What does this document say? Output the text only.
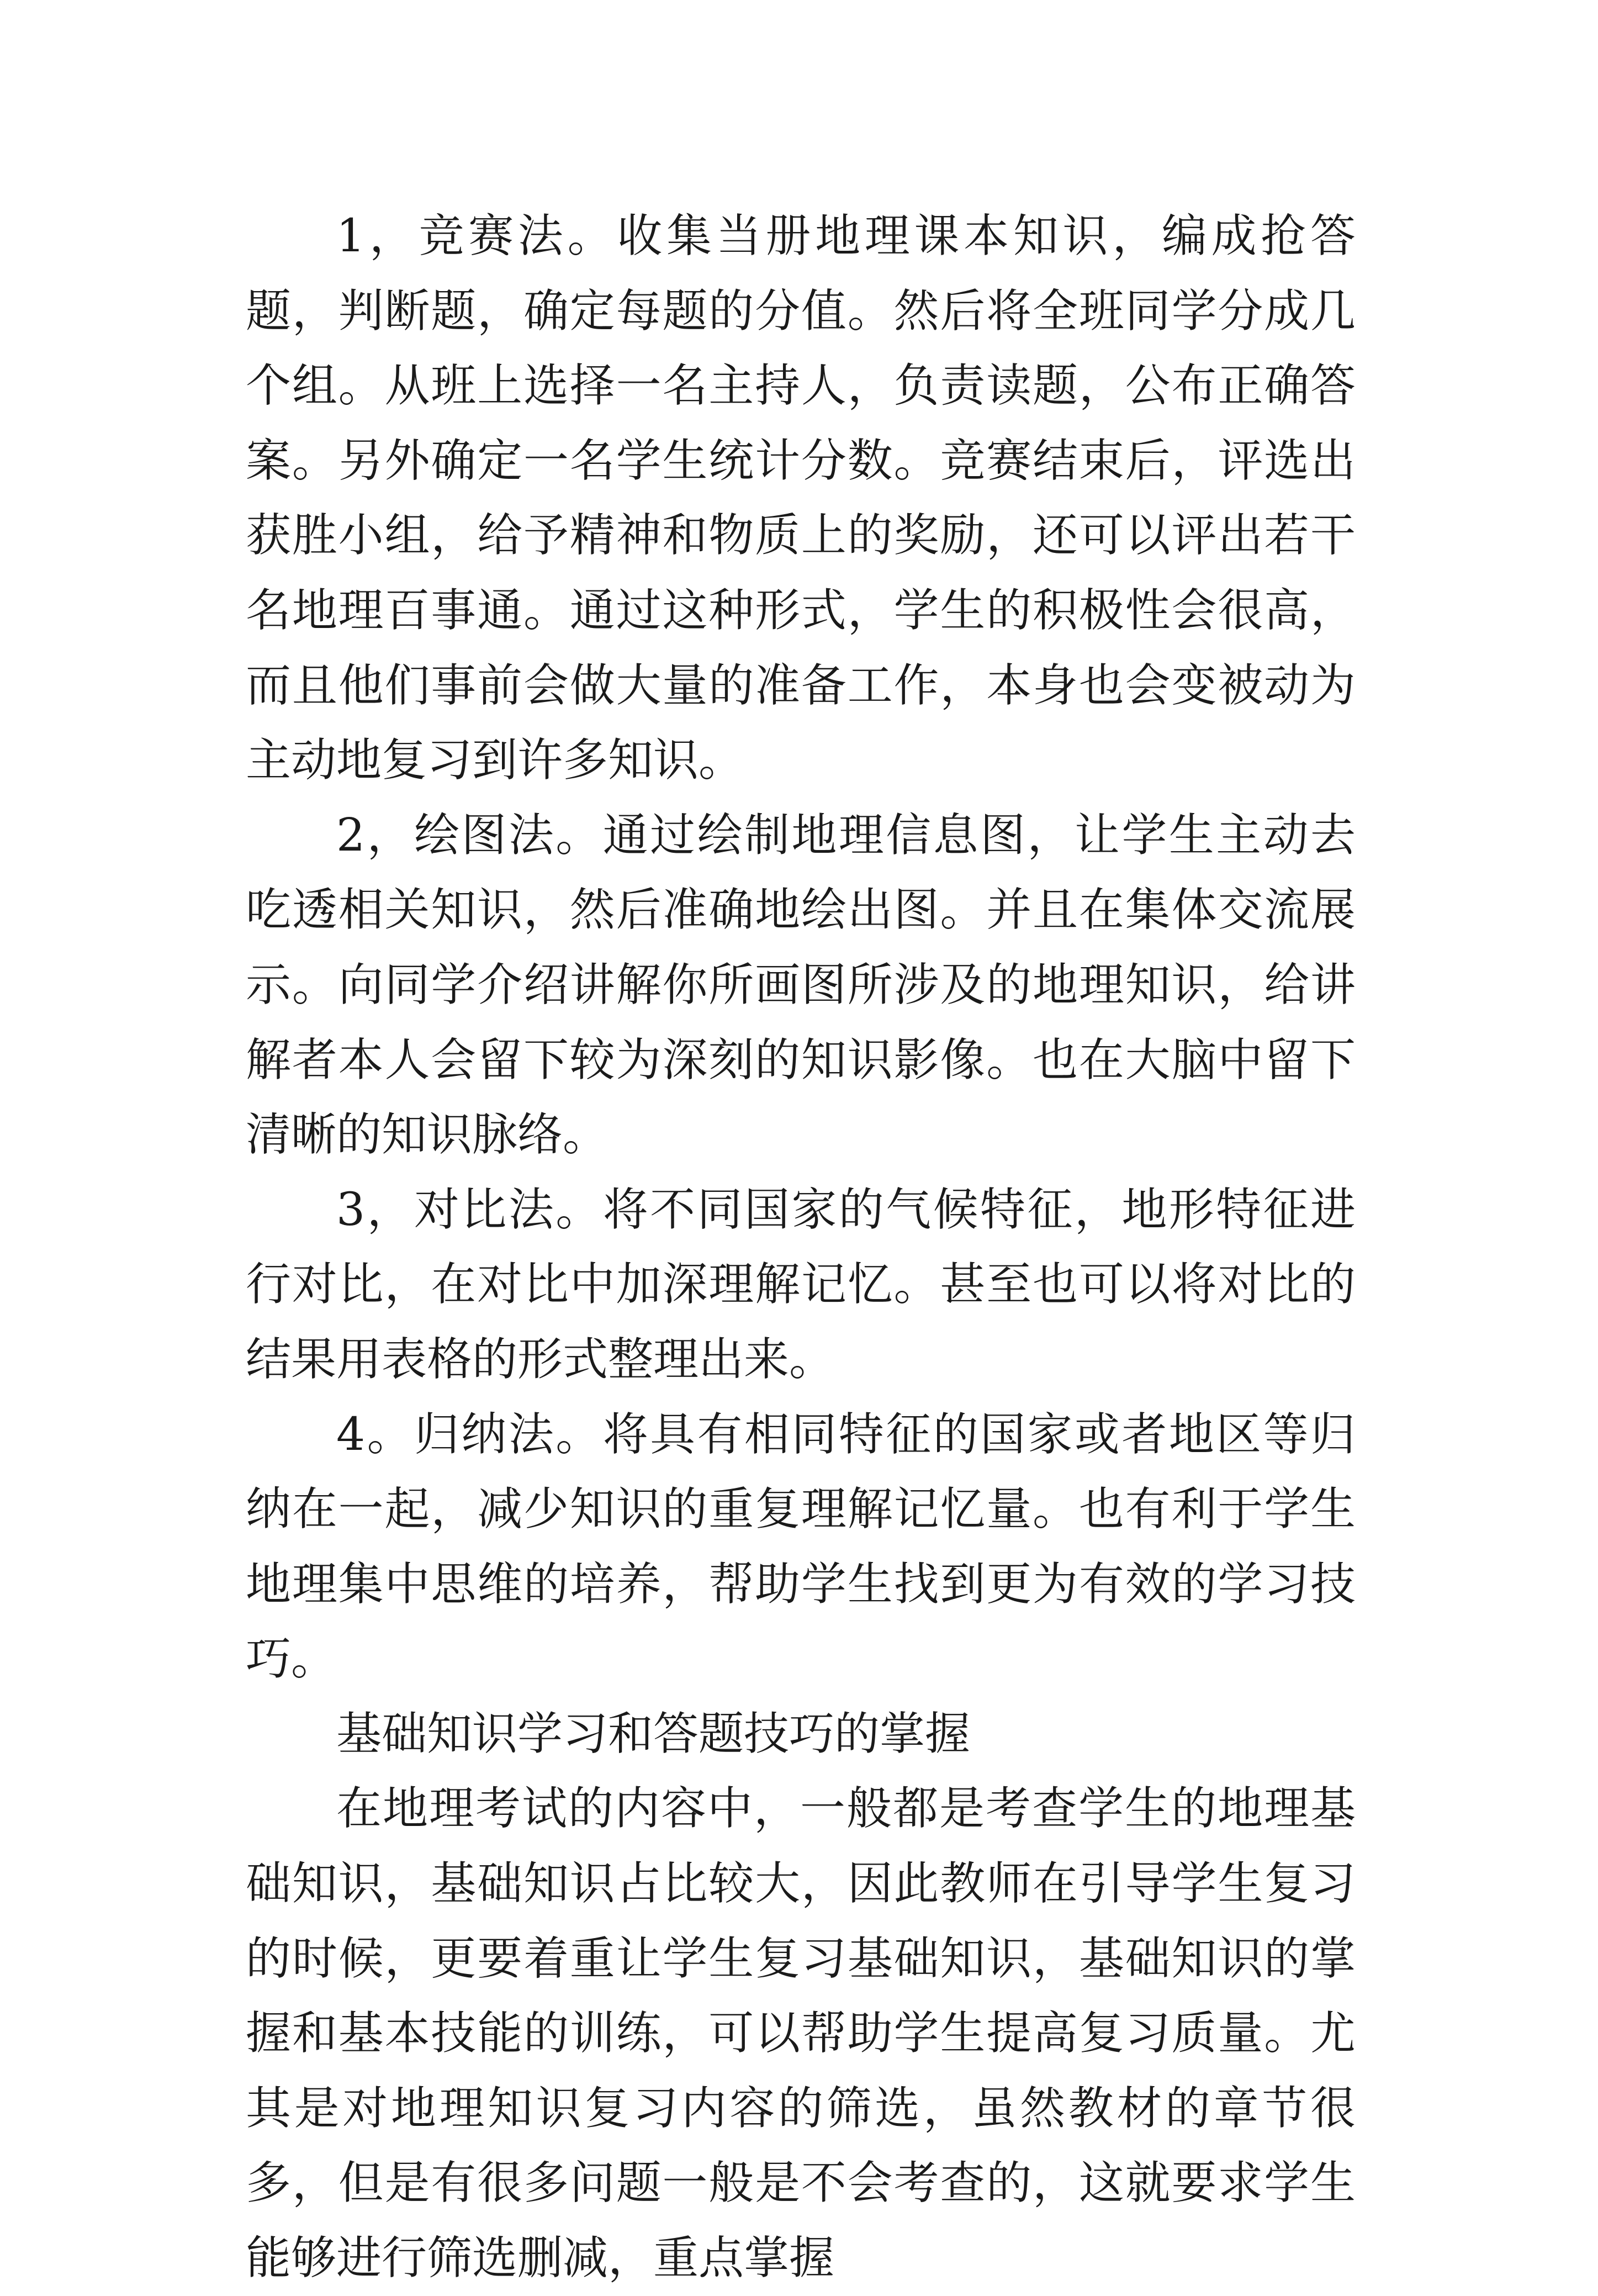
1，竞赛法。收集当册地理课本知识，编成抢答题，判断题，确定每题的分值。然后将全班同学分成几个组。从班上选择一名主持人，负责读题，公布正确答案。另外确定一名学生统计分数。竞赛结束后，评选出获胜小组，给予精神和物质上的奖励，还可以评出若干名地理百事通。通过这种形式，学生的积极性会很高，而且他们事前会做大量的准备工作，本身也会变被动为主动地复习到许多知识。

2，绘图法。通过绘制地理信息图，让学生主动去吃透相关知识，然后准确地绘出图。并且在集体交流展示。向同学介绍讲解你所画图所涉及的地理知识，给讲解者本人会留下较为深刻的知识影像。也在大脑中留下清晰的知识脉络。

3，对比法。将不同国家的气候特征，地形特征进行对比，在对比中加深理解记忆。甚至也可以将对比的结果用表格的形式整理出来。

4。归纳法。将具有相同特征的国家或者地区等归纳在一起，减少知识的重复理解记忆量。也有利于学生地理集中思维的培养，帮助学生找到更为有效的学习技巧。

基础知识学习和答题技巧的掌握

在地理考试的内容中，一般都是考查学生的地理基础知识，基础知识占比较大，因此教师在引导学生复习的时候，更要着重让学生复习基础知识，基础知识的掌握和基本技能的训练，可以帮助学生提高复习质量。尤其是对地理知识复习内容的筛选，虽然教材的章节很多，但是有很多问题一般是不会考查的，这就要求学生能够进行筛选删减，重点掌握
